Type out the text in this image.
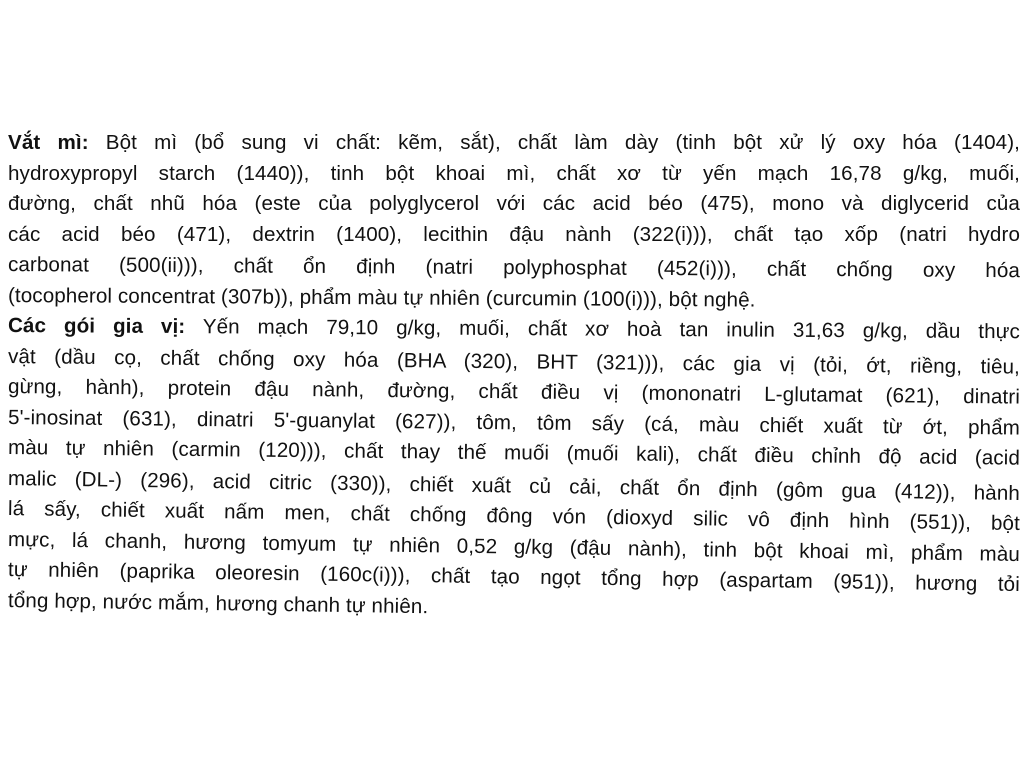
Vắt mì: Bột mì (bổ sung vi chất: kẽm, sắt), chất làm dày (tinh bột xử lý oxy hóa (1404),
hydroxypropyl starch (1440)), tinh bột khoai mì, chất xơ từ yến mạch 16,78 g/kg, muối,
đường, chất nhũ hóa (este của polyglycerol với các acid béo (475), mono và diglycerid của
các acid béo (471), dextrin (1400), lecithin đậu nành (322(i))), chất tạo xốp (natri hydro
carbonat (500(ii))), chất ổn định (natri polyphosphat (452(i))), chất chống oxy hóa
(tocopherol concentrat (307b)), phẩm màu tự nhiên (curcumin (100(i))), bột nghệ.
Các gói gia vị: Yến mạch 79,10 g/kg, muối, chất xơ hoà tan inulin 31,63 g/kg, dầu thực
vật (dầu cọ, chất chống oxy hóa (BHA (320), BHT (321))), các gia vị (tỏi, ớt, riềng, tiêu,
gừng, hành), protein đậu nành, đường, chất điều vị (mononatri L-glutamat (621), dinatri
5'-inosinat (631), dinatri 5'-guanylat (627)), tôm, tôm sấy (cá, màu chiết xuất từ ớt, phẩm
màu tự nhiên (carmin (120))), chất thay thế muối (muối kali), chất điều chỉnh độ acid (acid
malic (DL-) (296), acid citric (330)), chiết xuất củ cải, chất ổn định (gôm gua (412)), hành
lá sấy, chiết xuất nấm men, chất chống đông vón (dioxyd silic vô định hình (551)), bột
mực, lá chanh, hương tomyum tự nhiên 0,52 g/kg (đậu nành), tinh bột khoai mì, phẩm màu
tự nhiên (paprika oleoresin (160c(i))), chất tạo ngọt tổng hợp (aspartam (951)), hương tỏi
tổng hợp, nước mắm, hương chanh tự nhiên.
